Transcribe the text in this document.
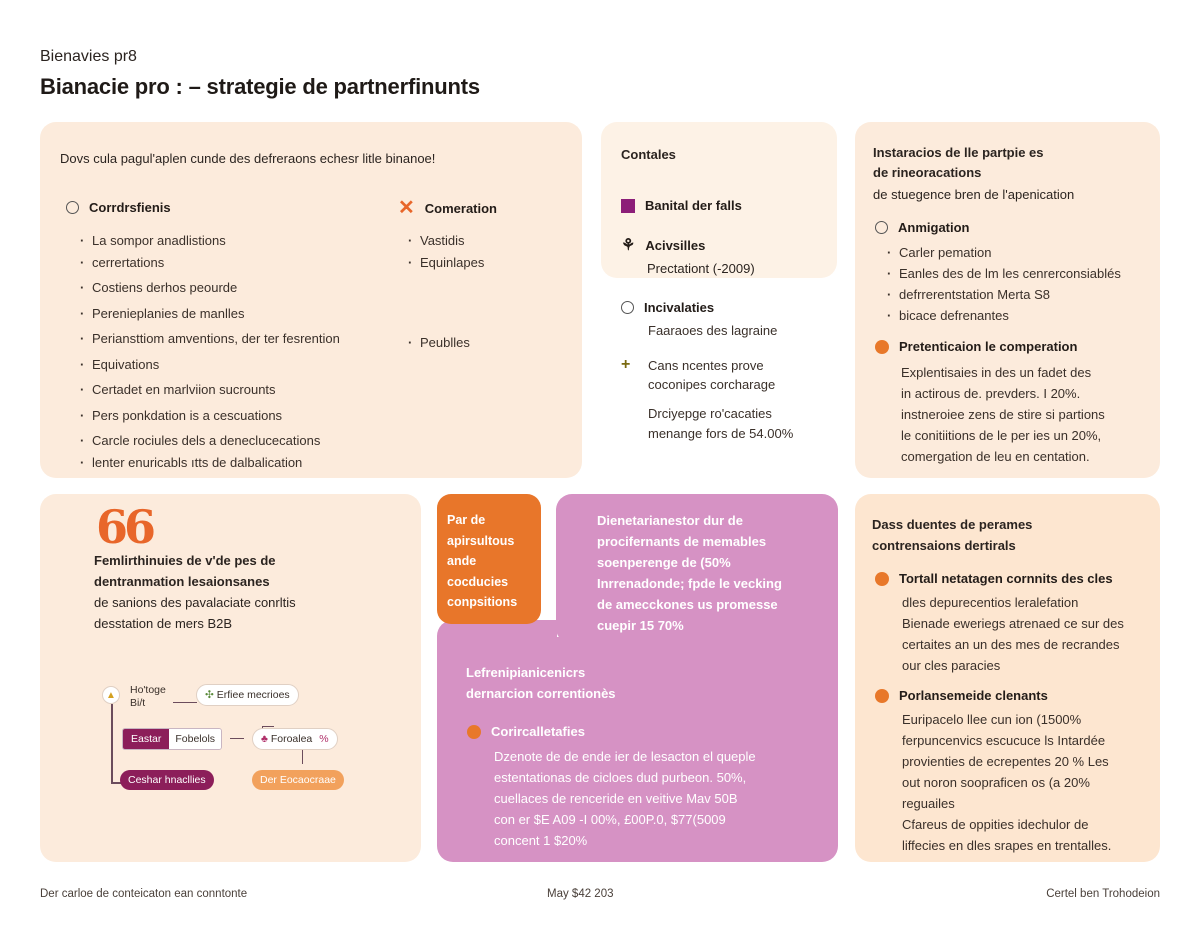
Bienavies pr8
Bianacie pro : – strategie de partnerfinunts
Dovs cula pagul'aplen cunde des defreraons echesr litle binanoe!
Corrdrsfienis
· La sompor anadlistions
· cerrertations
· Costiens derhos peourde
· Perenieplanies de manlles
· Periansttiom amventions, der ter fesrention
· Equivations
· Certadet en marlviion sucrounts
· Pers ponkdation is a cescuations
· Carcle rociules dels a deneclucecations
· lenter enuricabls ıtts de dalbalication
✕ Comeration
· Vastidis
· Equinlapes
· Peublles
Contales
Banital der falls
⚘ Acivsilles
Prectationt (-2009)
Incivalaties
Faaraoes des lagraine
+ Cans ncentes prove
coconipes corcharage
Drciyepge ro'cacaties
menange fors de 54.00%
Instaracios de lle partpie es
de rineoracations
de stuegence bren de l'apenication
Anmigation
· Carler pemation
· Eanles des de lm les cenrerconsiablés
· defrrerentstation Merta S8
· bicace defrenantes
Pretenticaion le comperation
Explentisaies in des un fadet des
in actirous de. prevders. I 20%.
instneroiee zens de stire si partions
le conitiitions de le per ies un 20%,
comergation de leu en centation.
66
Femlirthinuies de v'de pes de
dentranmation lesaionsanes
de sanions des pavalaciate conrltis
desstation de mers B2B
▲	Ho'toge
Bi/t
✣ Erfiee mecrioes
Eastar Fobelols	♣ Foroalea %
Ceshar hnacllies	Der Eocaocraae
Par de
apirsultous
ande
cocducies
conpsitions
Dienetarianestor dur de
procifernants de memables
soenperenge de (50%
Inrrenadonde; fpde le vecking
de amecckones us promesse
cuepir 15 70%
Lefrenipianicenicrs
dernarcion correntionès
Corircalletafies
Dzenote de de ende ier de lesacton el queple
estentationas de cicloes dud purbeon. 50%,
cuellaces de renceride en veitive Mav 50B
con er $E A09 -I 00%, £00P.0, $77(5009
concent 1 $20%
Dass duentes de perames
contrensaions dertirals
Tortall netatagen cornnits des cles
dles depurecentios leralefation
Bienade eweriegs atrenaed ce sur des
certaites an un des mes de recrandes
our cles paracies
Porlansemeide clenants
Euripacelo llee cun ion (1500%
ferpuncenvics escucuce ls Intardée
provienties de ecrepentes 20 % Les
out noron soopraficen os (a 20%
reguailes
Cfareus de oppities idechulor de
liffecies en dles srapes en trentalles.
Der carloe de conteicaton ean conntonte	May $42 203	Certel ben Trohodeion
